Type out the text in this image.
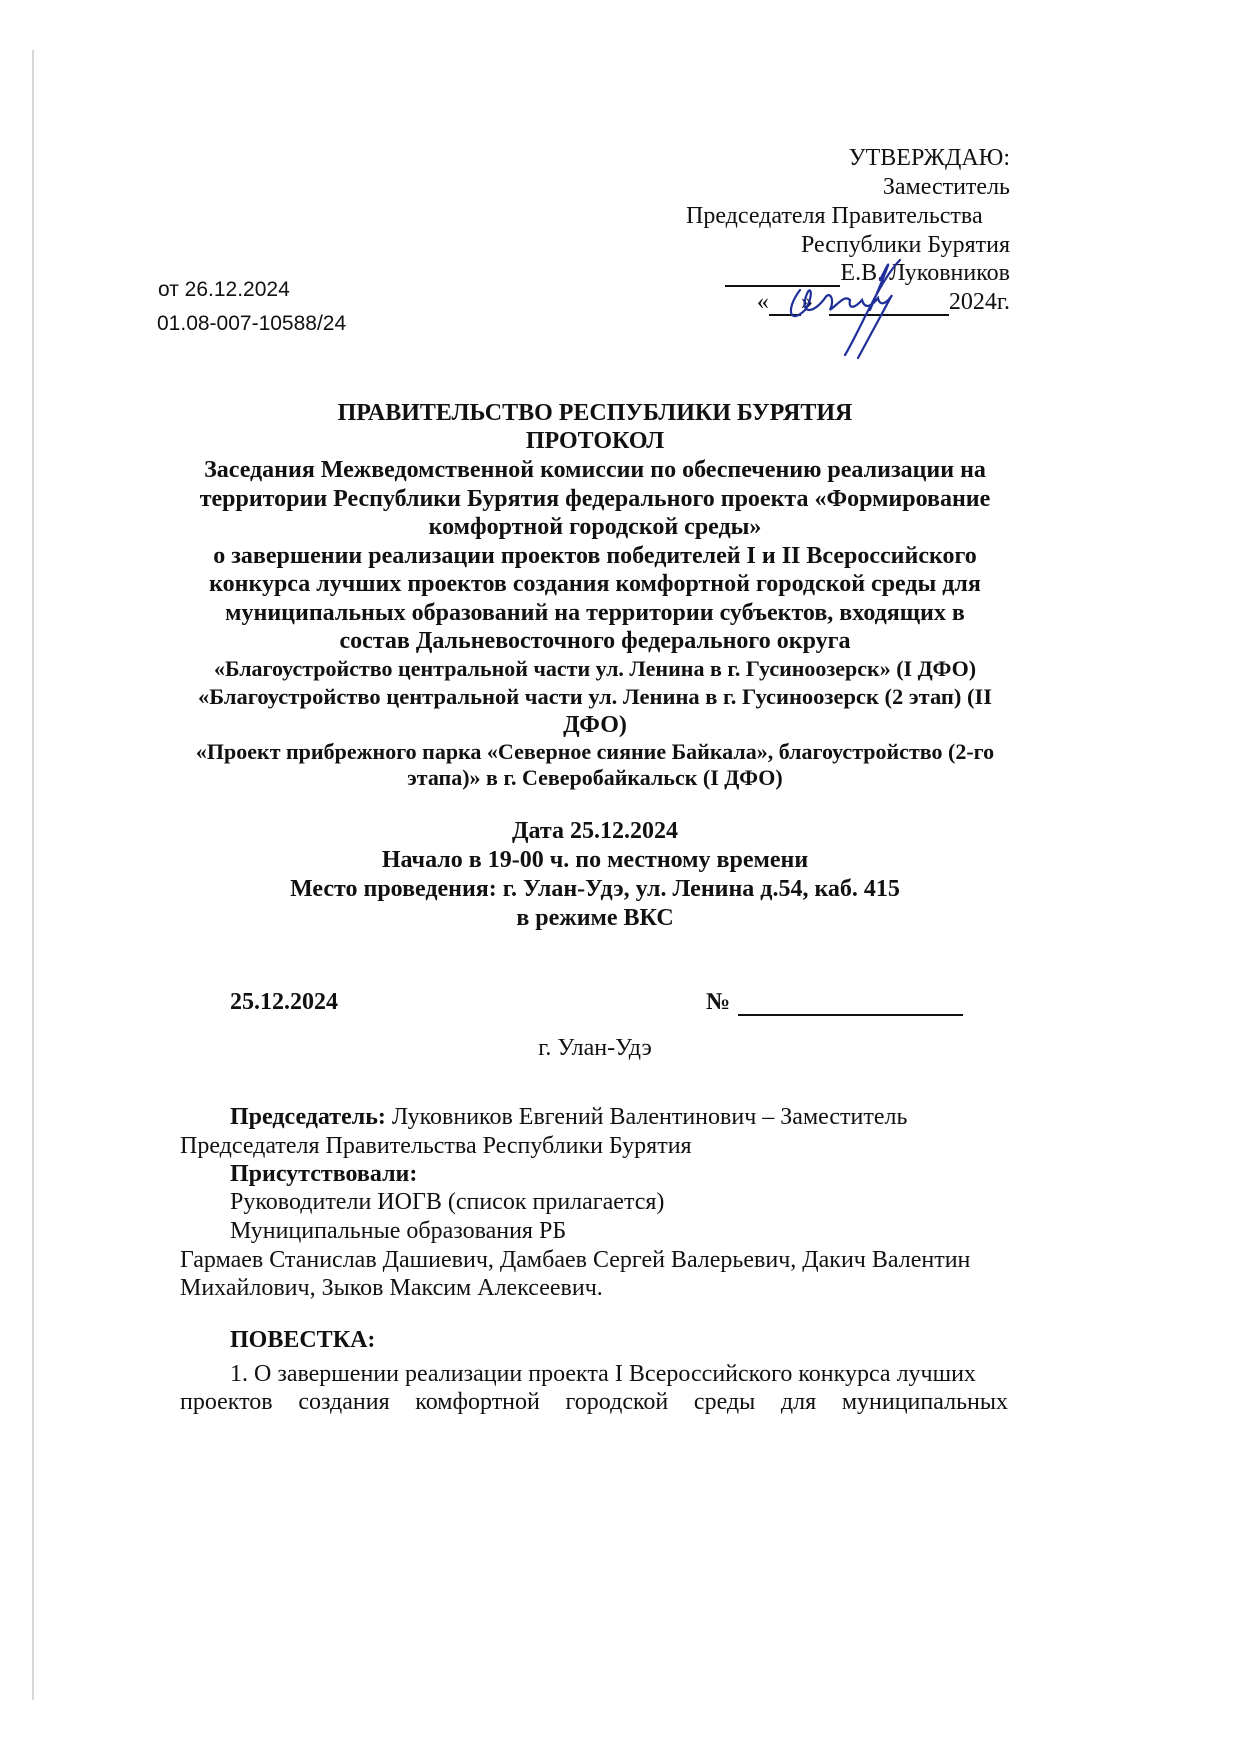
УТВЕРЖДАЮ:
Заместитель
Председателя Правительства
Республики Бурятия
Е.В. Луковников
« »	2024г.
от 26.12.2024
01.08-007-10588/24
ПРАВИТЕЛЬСТВО РЕСПУБЛИКИ БУРЯТИЯ
ПРОТОКОЛ
Заседания Межведомственной комиссии по обеспечению реализации на
территории Республики Бурятия федерального проекта «Формирование
комфортной городской среды»
о завершении реализации проектов победителей I и II Всероссийского
конкурса лучших проектов создания комфортной городской среды для
муниципальных образований на территории субъектов, входящих в
состав Дальневосточного федерального округа
«Благоустройство центральной части ул. Ленина в г. Гусиноозерск» (I ДФО)
«Благоустройство центральной части ул. Ленина в г. Гусиноозерск (2 этап) (II
ДФО)
«Проект прибрежного парка «Северное сияние Байкала», благоустройство (2-го
этапа)» в г. Северобайкальск (I ДФО)
Дата 25.12.2024
Начало в 19-00 ч. по местному времени
Место проведения: г. Улан-Удэ, ул. Ленина д.54, каб. 415
в режиме ВКС
25.12.2024	№
г. Улан-Удэ
Председатель: Луковников Евгений Валентинович – Заместитель
Председателя Правительства Республики Бурятия
Присутствовали:
Руководители ИОГВ (список прилагается)
Муниципальные образования РБ
Гармаев Станислав Дашиевич, Дамбаев Сергей Валерьевич, Дакич Валентин
Михайлович, Зыков Максим Алексеевич.
ПОВЕСТКА:
1. О завершении реализации проекта I Всероссийского конкурса лучших
проектов создания комфортной городской среды для муниципальных
